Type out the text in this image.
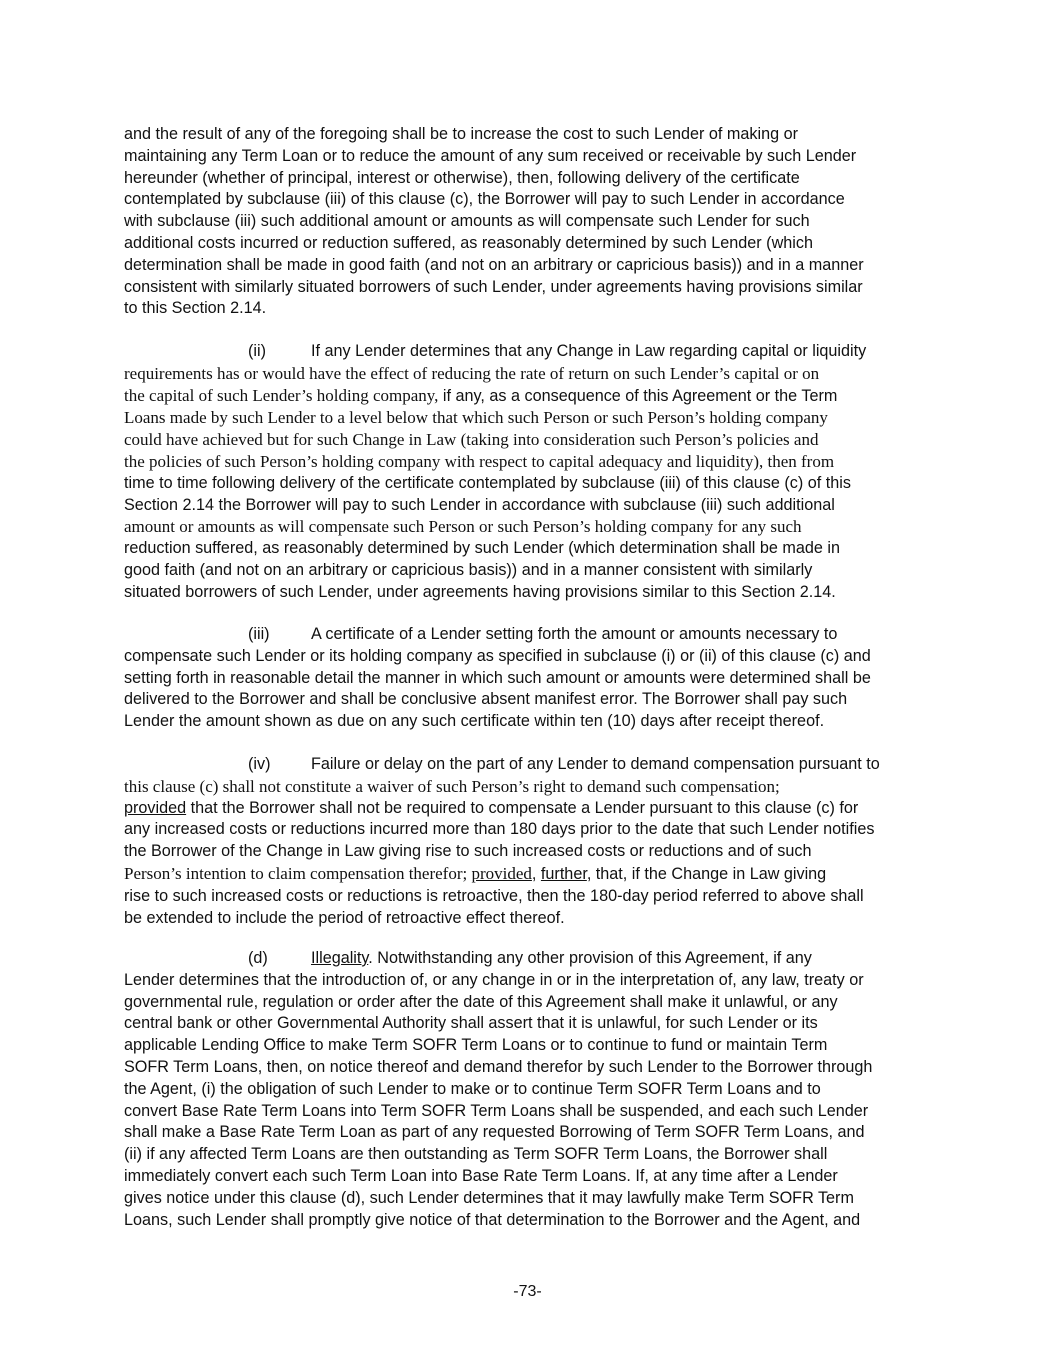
and the result of any of the foregoing shall be to increase the cost to such Lender of making or

maintaining any Term Loan or to reduce the amount of any sum received or receivable by such Lender

hereunder (whether of principal, interest or otherwise), then, following delivery of the certificate

contemplated by subclause (iii) of this clause (c), the Borrower will pay to such Lender in accordance

with subclause (iii) such additional amount or amounts as will compensate such Lender for such

additional costs incurred or reduction suffered, as reasonably determined by such Lender (which

determination shall be made in good faith (and not on an arbitrary or capricious basis)) and in a manner

consistent with similarly situated borrowers of such Lender, under agreements having provisions similar

to this Section 2.14.

(ii)	If any Lender determines that any Change in Law regarding capital or liquidity

requirements has or would have the effect of reducing the rate of return on such Lender’s capital or on

the capital of such Lender’s holding company, if any, as a consequence of this Agreement or the Term

Loans made by such Lender to a level below that which such Person or such Person’s holding company

could have achieved but for such Change in Law (taking into consideration such Person’s policies and

the policies of such Person’s holding company with respect to capital adequacy and liquidity), then from

time to time following delivery of the certificate contemplated by subclause (iii) of this clause (c) of this

Section 2.14 the Borrower will pay to such Lender in accordance with subclause (iii) such additional

amount or amounts as will compensate such Person or such Person’s holding company for any such

reduction suffered, as reasonably determined by such Lender (which determination shall be made in

good faith (and not on an arbitrary or capricious basis)) and in a manner consistent with similarly

situated borrowers of such Lender, under agreements having provisions similar to this Section 2.14.

(iii)	A certificate of a Lender setting forth the amount or amounts necessary to

compensate such Lender or its holding company as specified in subclause (i) or (ii) of this clause (c) and

setting forth in reasonable detail the manner in which such amount or amounts were determined shall be

delivered to the Borrower and shall be conclusive absent manifest error. The Borrower shall pay such

Lender the amount shown as due on any such certificate within ten (10) days after receipt thereof.

(iv)	Failure or delay on the part of any Lender to demand compensation pursuant to

this clause (c) shall not constitute a waiver of such Person’s right to demand such compensation;

provided that the Borrower shall not be required to compensate a Lender pursuant to this clause (c) for

any increased costs or reductions incurred more than 180 days prior to the date that such Lender notifies

the Borrower of the Change in Law giving rise to such increased costs or reductions and of such

Person’s intention to claim compensation therefor; provided, further, that, if the Change in Law giving

rise to such increased costs or reductions is retroactive, then the 180-day period referred to above shall

be extended to include the period of retroactive effect thereof.

(d)	Illegality. Notwithstanding any other provision of this Agreement, if any

Lender determines that the introduction of, or any change in or in the interpretation of, any law, treaty or

governmental rule, regulation or order after the date of this Agreement shall make it unlawful, or any

central bank or other Governmental Authority shall assert that it is unlawful, for such Lender or its

applicable Lending Office to make Term SOFR Term Loans or to continue to fund or maintain Term

SOFR Term Loans, then, on notice thereof and demand therefor by such Lender to the Borrower through

the Agent, (i) the obligation of such Lender to make or to continue Term SOFR Term Loans and to

convert Base Rate Term Loans into Term SOFR Term Loans shall be suspended, and each such Lender

shall make a Base Rate Term Loan as part of any requested Borrowing of Term SOFR Term Loans, and

(ii) if any affected Term Loans are then outstanding as Term SOFR Term Loans, the Borrower shall

immediately convert each such Term Loan into Base Rate Term Loans. If, at any time after a Lender

gives notice under this clause (d), such Lender determines that it may lawfully make Term SOFR Term

Loans, such Lender shall promptly give notice of that determination to the Borrower and the Agent, and

-73-
